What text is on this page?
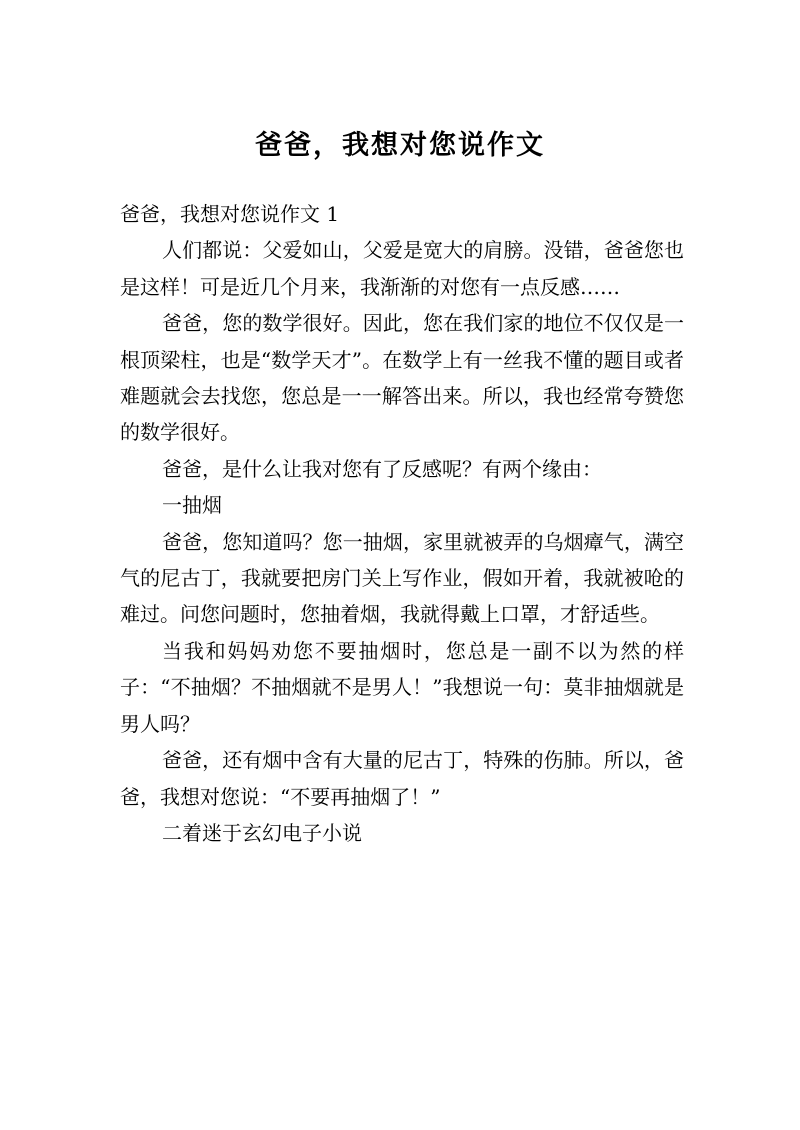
爸爸，我想对您说作文

爸爸，我想对您说作文 1

人们都说：父爱如山，父爱是宽大的肩膀。没错，爸爸您也是这样！可是近几个月来，我渐渐的对您有一点反感……

爸爸，您的数学很好。因此，您在我们家的地位不仅仅是一根顶梁柱，也是“数学天才”。在数学上有一丝我不懂的题目或者难题就会去找您，您总是一一解答出来。所以，我也经常夸赞您的数学很好。

爸爸，是什么让我对您有了反感呢？有两个缘由：

一抽烟

爸爸，您知道吗？您一抽烟，家里就被弄的乌烟瘴气，满空气的尼古丁，我就要把房门关上写作业，假如开着，我就被呛的难过。问您问题时，您抽着烟，我就得戴上口罩，才舒适些。

当我和妈妈劝您不要抽烟时，您总是一副不以为然的样子：“不抽烟？不抽烟就不是男人！”我想说一句：莫非抽烟就是男人吗？

爸爸，还有烟中含有大量的尼古丁，特殊的伤肺。所以，爸爸，我想对您说：“不要再抽烟了！”

二着迷于玄幻电子小说
